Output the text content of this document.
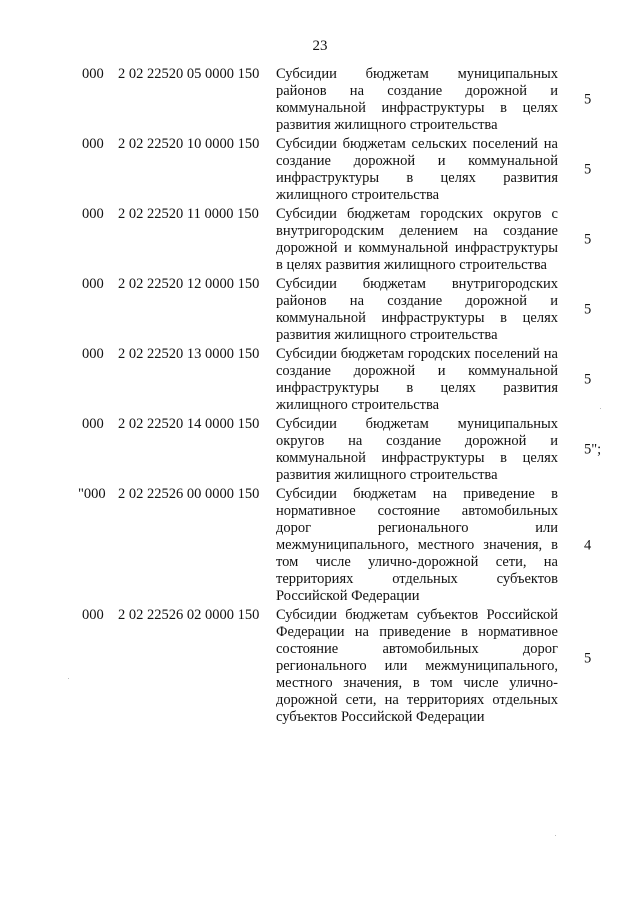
23
000 2 02 22520 05 0000 150 Субсидии бюджетам муниципальных районов на создание дорожной и коммунальной инфраструктуры в целях развития жилищного строительства
5
000 2 02 22520 10 0000 150 Субсидии бюджетам сельских поселений на создание дорожной и коммунальной инфраструктуры в целях развития жилищного строительства
5
000 2 02 22520 11 0000 150 Субсидии бюджетам городских округов с внутригородским делением на создание дорожной и коммунальной инфраструктуры в целях развития жилищного строительства
5
000 2 02 22520 12 0000 150 Субсидии бюджетам внутригородских районов на создание дорожной и коммунальной инфраструктуры в целях развития жилищного строительства
5
000 2 02 22520 13 0000 150 Субсидии бюджетам городских поселений на создание дорожной и коммунальной инфраструктуры в целях развития жилищного строительства
5
000 2 02 22520 14 0000 150 Субсидии бюджетам муниципальных округов на создание дорожной и коммунальной инфраструктуры в целях развития жилищного строительства
5";
"000 2 02 22526 00 0000 150 Субсидии бюджетам на приведение в нормативное состояние автомобильных дорог регионального или межмуниципального, местного значения, в том числе улично-дорожной сети, на территориях отдельных субъектов Российской Федерации
4
000 2 02 22526 02 0000 150 Субсидии бюджетам субъектов Российской Федерации на приведение в нормативное состояние автомобильных дорог регионального или межмуниципального, местного значения, в том числе улично-дорожной сети, на территориях отдельных субъектов Российской Федерации
5
